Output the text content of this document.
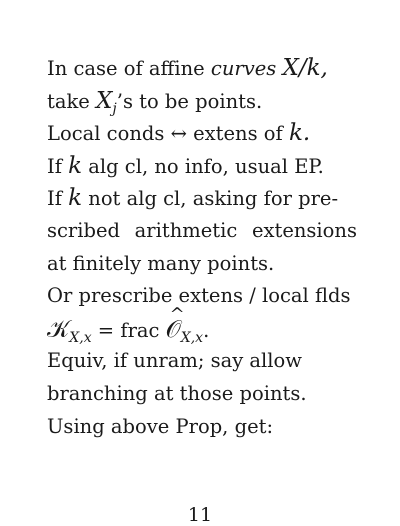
In case of affine curves X/k,
take $X_j’s$ to be points.
Local conds ↔ extens of k.
If k alg cl, no info, usual EP.
If k not alg cl, asking for pre-
scribed arithmetic extensions
at finitely many points.
Or prescribe extens / local flds
𝒦$_{X,x}$ = frac ^ 𝒪$_{X,x}$.
Equiv, if unram; say allow
branching at those points.
Using above Prop, get:
11
